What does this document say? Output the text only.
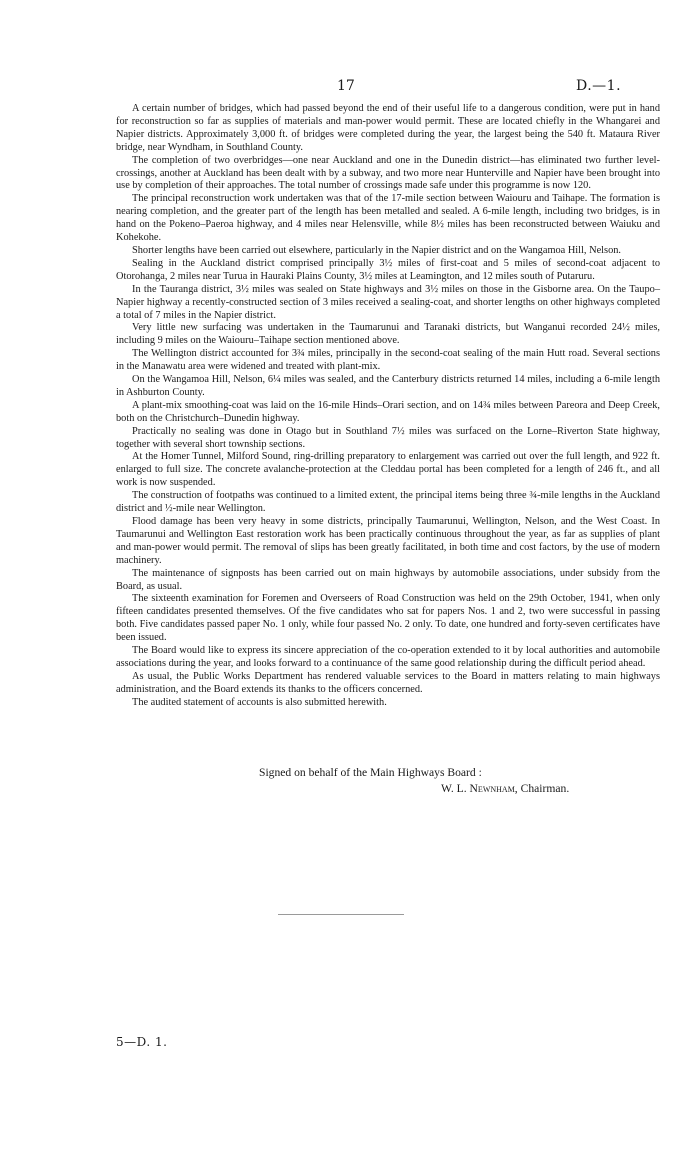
17	D.—1.

A certain number of bridges, which had passed beyond the end of their useful life to a dangerous condition, were put in hand for reconstruction so far as supplies of materials and man-power would permit. These are located chiefly in the Whangarei and Napier districts. Approximately 3,000 ft. of bridges were completed during the year, the largest being the 540 ft. Mataura River bridge, near Wyndham, in Southland County.

The completion of two overbridges—one near Auckland and one in the Dunedin district—has eliminated two further level-crossings, another at Auckland has been dealt with by a subway, and two more near Hunterville and Napier have been brought into use by completion of their approaches. The total number of crossings made safe under this programme is now 120.

The principal reconstruction work undertaken was that of the 17-mile section between Waiouru and Taihape. The formation is nearing completion, and the greater part of the length has been metalled and sealed. A 6-mile length, including two bridges, is in hand on the Pokeno–Paeroa highway, and 4 miles near Helensville, while 8½ miles has been reconstructed between Waiuku and Kohekohe.

Shorter lengths have been carried out elsewhere, particularly in the Napier district and on the Wangamoa Hill, Nelson.

Sealing in the Auckland district comprised principally 3½ miles of first-coat and 5 miles of second-coat adjacent to Otorohanga, 2 miles near Turua in Hauraki Plains County, 3½ miles at Leamington, and 12 miles south of Putaruru.

In the Tauranga district, 3½ miles was sealed on State highways and 3½ miles on those in the Gisborne area. On the Taupo–Napier highway a recently-constructed section of 3 miles received a sealing-coat, and shorter lengths on other highways completed a total of 7 miles in the Napier district.

Very little new surfacing was undertaken in the Taumarunui and Taranaki districts, but Wanganui recorded 24½ miles, including 9 miles on the Waiouru–Taihape section mentioned above.

The Wellington district accounted for 3¾ miles, principally in the second-coat sealing of the main Hutt road. Several sections in the Manawatu area were widened and treated with plant-mix.

On the Wangamoa Hill, Nelson, 6¼ miles was sealed, and the Canterbury districts returned 14 miles, including a 6-mile length in Ashburton County.

A plant-mix smoothing-coat was laid on the 16-mile Hinds–Orari section, and on 14¾ miles between Pareora and Deep Creek, both on the Christchurch–Dunedin highway.

Practically no sealing was done in Otago but in Southland 7½ miles was surfaced on the Lorne–Riverton State highway, together with several short township sections.

At the Homer Tunnel, Milford Sound, ring-drilling preparatory to enlargement was carried out over the full length, and 922 ft. enlarged to full size. The concrete avalanche-protection at the Cleddau portal has been completed for a length of 246 ft., and all work is now suspended.

The construction of footpaths was continued to a limited extent, the principal items being three ¾-mile lengths in the Auckland district and ½-mile near Wellington.

Flood damage has been very heavy in some districts, principally Taumarunui, Wellington, Nelson, and the West Coast. In Taumarunui and Wellington East restoration work has been practically continuous throughout the year, as far as supplies of plant and man-power would permit. The removal of slips has been greatly facilitated, in both time and cost factors, by the use of modern machinery.

The maintenance of signposts has been carried out on main highways by automobile associations, under subsidy from the Board, as usual.

The sixteenth examination for Foremen and Overseers of Road Construction was held on the 29th October, 1941, when only fifteen candidates presented themselves. Of the five candidates who sat for papers Nos. 1 and 2, two were successful in passing both. Five candidates passed paper No. 1 only, while four passed No. 2 only. To date, one hundred and forty-seven certificates have been issued.

The Board would like to express its sincere appreciation of the co-operation extended to it by local authorities and automobile associations during the year, and looks forward to a continuance of the same good relationship during the difficult period ahead.

As usual, the Public Works Department has rendered valuable services to the Board in matters relating to main highways administration, and the Board extends its thanks to the officers concerned.

The audited statement of accounts is also submitted herewith.

Signed on behalf of the Main Highways Board :
W. L. Newnham, Chairman.
5—D. 1.
